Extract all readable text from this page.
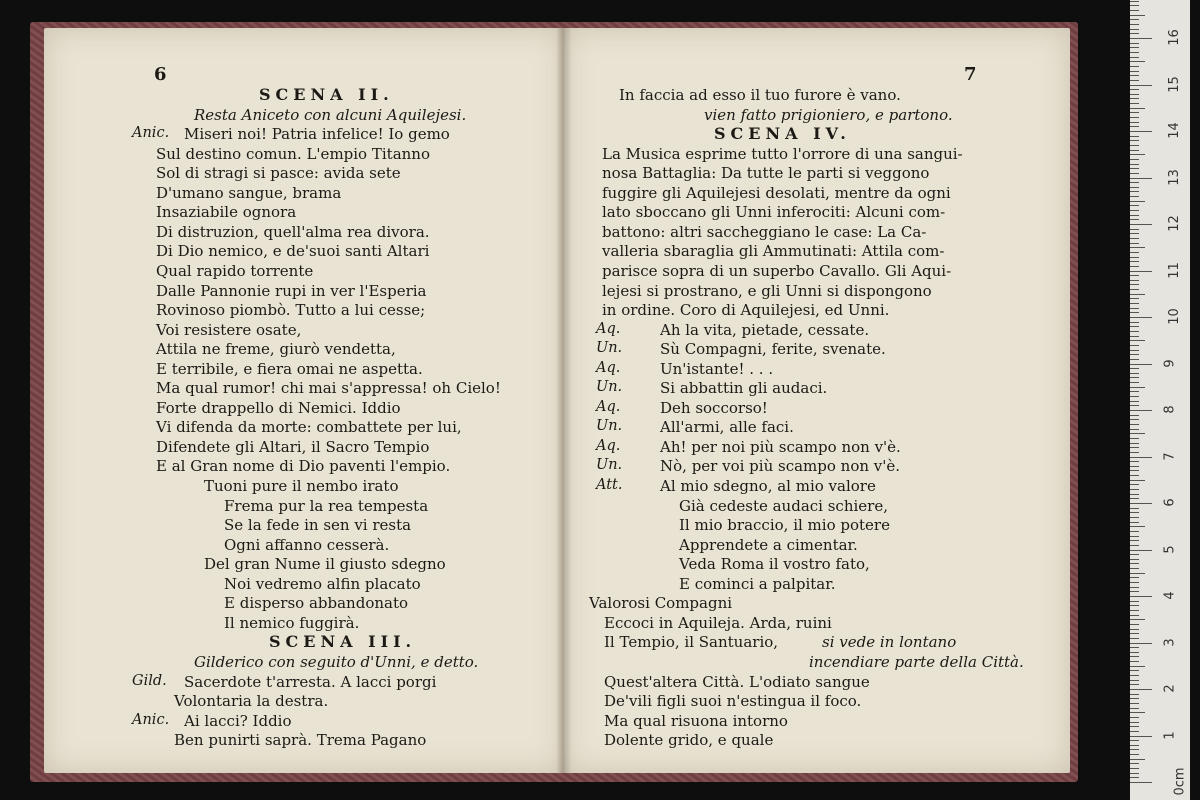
6
SCENA II.
Resta Aniceto con alcuni Aquilejesi.
Anic. Miseri noi! Patria infelice! Io gemo
Sul destino comun. L'empio Titanno
Sol di stragi si pasce: avida sete
D'umano sangue, brama
Insaziabile ognora
Di distruzion, quell'alma rea divora.
Di Dio nemico, e de'suoi santi Altari
Qual rapido torrente
Dalle Pannonie rupi in ver l'Esperia
Rovinoso piombò. Tutto a lui cesse;
Voi resistere osate,
Attila ne freme, giurò vendetta,
E terribile, e fiera omai ne aspetta.
Ma qual rumor! chi mai s'appressa! oh Cielo!
Forte drappello di Nemici. Iddio
Vi difenda da morte: combattete per lui,
Difendete gli Altari, il Sacro Tempio
E al Gran nome di Dio paventi l'empio.
Tuoni pure il nembo irato
Frema pur la rea tempesta
Se la fede in sen vi resta
Ogni affanno cesserà.
Del gran Nume il giusto sdegno
Noi vedremo alfin placato
E disperso abbandonato
Il nemico fuggirà.
SCENA III.
Gilderico con seguito d'Unni, e detto.
Gild. Sacerdote t'arresta. A lacci porgi
Volontaria la destra.
Anic. Ai lacci? Iddio
Ben punirti saprà. Trema Pagano
7
In faccia ad esso il tuo furore è vano.
vien fatto prigioniero, e partono.
SCENA IV.
La Musica esprime tutto l'orrore di una sangui-
nosa Battaglia: Da tutte le parti si veggono
fuggire gli Aquilejesi desolati, mentre da ogni
lato sboccano gli Unni inferociti: Alcuni com-
battono: altri saccheggiano le case: La Ca-
valleria sbaraglia gli Ammutinati: Attila com-
parisce sopra di un superbo Cavallo. Gli Aqui-
lejesi si prostrano, e gli Unni si dispongono
in ordine. Coro di Aquilejesi, ed Unni.
Aq.	Ah la vita, pietade, cessate.
Un.	Sù Compagni, ferite, svenate.
Aq.	Un'istante! . . .
Un.	Si abbattin gli audaci.
Aq.	Deh soccorso!
Un.	All'armi, alle faci.
Aq.	Ah! per noi più scampo non v'è.
Un.	Nò, per voi più scampo non v'è.
Att.	Al mio sdegno, al mio valore
Già cedeste audaci schiere,
Il mio braccio, il mio potere
Apprendete a cimentar.
Veda Roma il vostro fato,
E cominci a palpitar.
Valorosi Compagni
Eccoci in Aquileja. Arda, ruini
Il Tempio, il Santuario,
incendiare parte della Città.
Quest'altera Città. L'odiato sangue
De'vili figli suoi n'estingua il foco.
Ma qual risuona intorno
Dolente grido, e quale
si vede in lontano
16
15
14
13
12
11
10
9
8
7
6
5
4
3
2
1
0cm
